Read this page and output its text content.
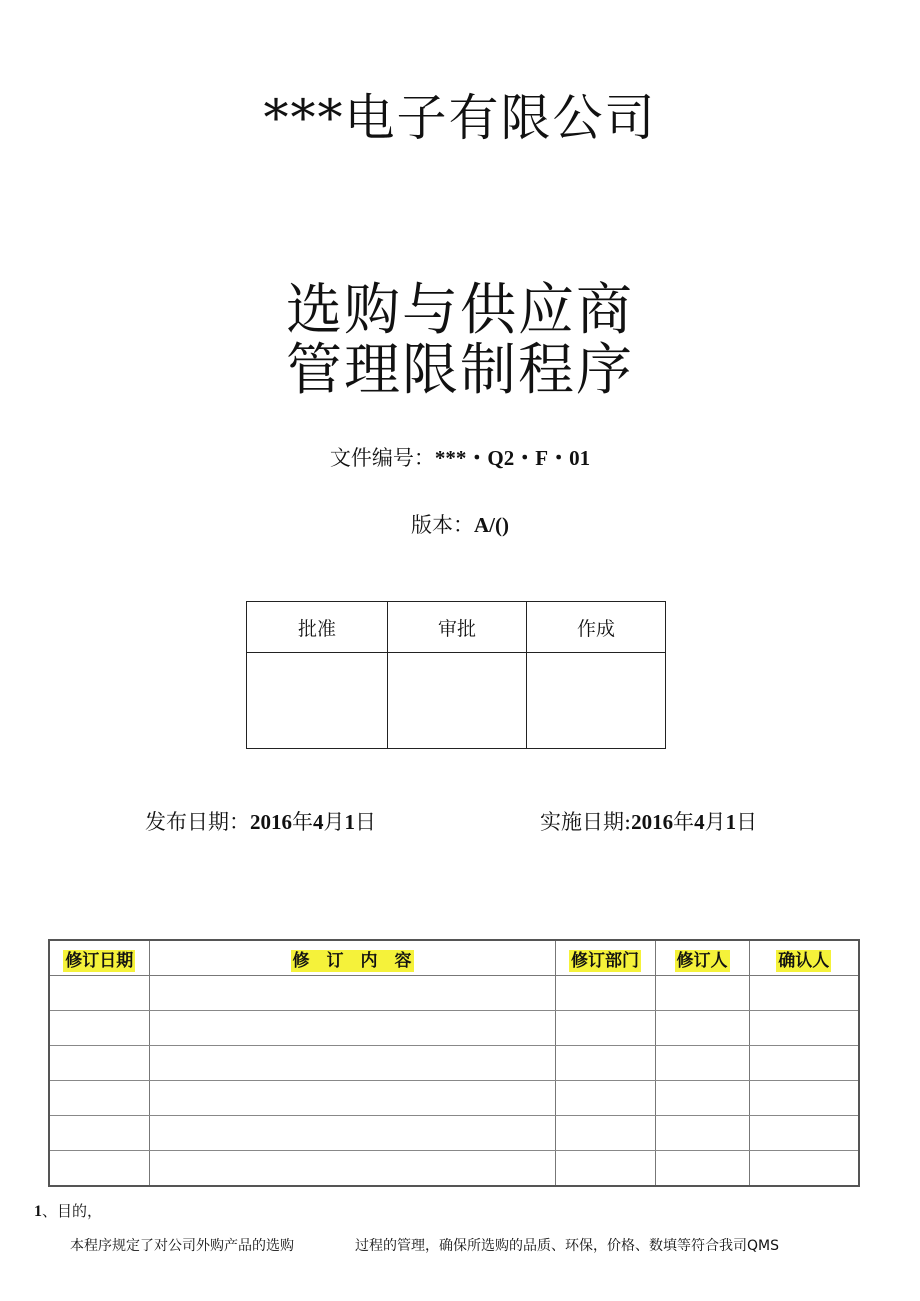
***电子有限公司
选购与供应商
管理限制程序
文件编号：***・Q2・F・01
版本：A/()
批准	审批	作成

发布日期：2016年4月1日	实施日期:2016年4月1日
修订日期	修　订　内　容	修订部门	修订人	确认人

1、目的，
本程序规定了对公司外购产品的选购	过程的管理，确保所选购的品质、环保，价格、数填等符合我司QMS
